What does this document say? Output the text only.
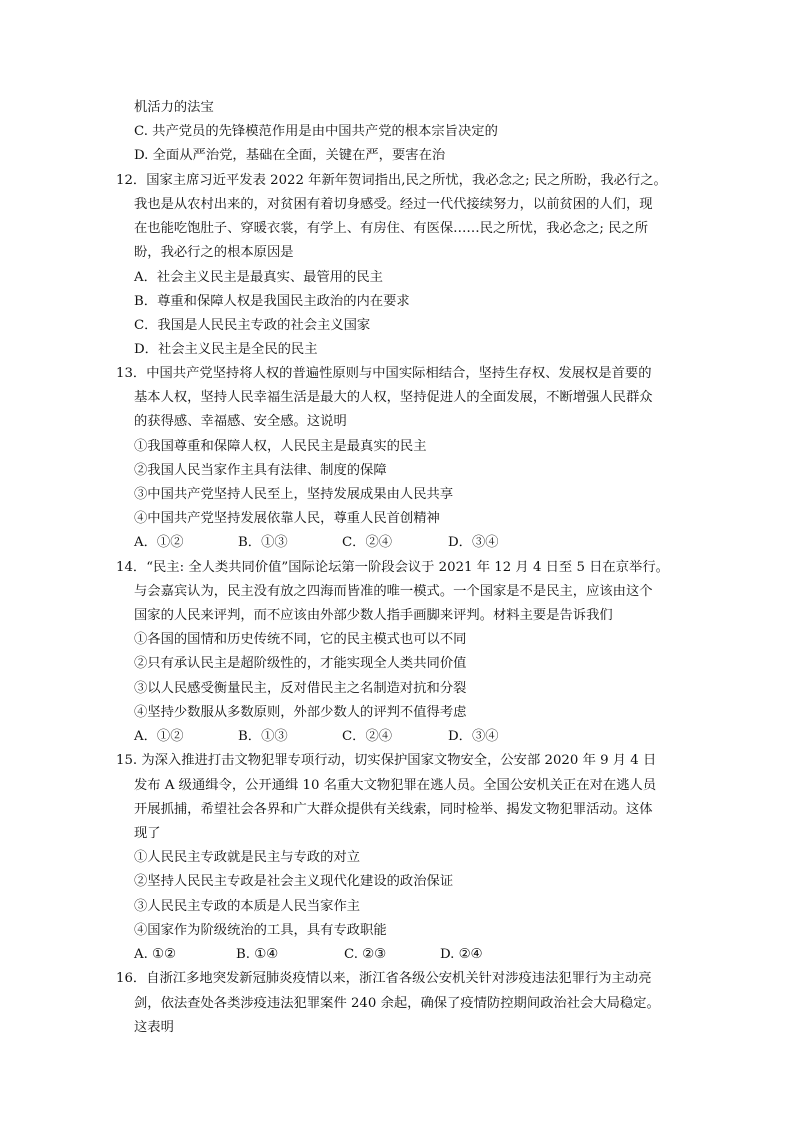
机活力的法宝
C. 共产党员的先锋模范作用是由中国共产党的根本宗旨决定的
D. 全面从严治党，基础在全面，关键在严，要害在治
12．国家主席习近平发表 2022 年新年贺词指出,民之所忧，我必念之; 民之所盼，我必行之。
我也是从农村出来的，对贫困有着切身感受。经过一代代接续努力，以前贫困的人们，现
在也能吃饱肚子、穿暖衣裳，有学上、有房住、有医保……民之所忧，我必念之; 民之所
盼，我必行之的根本原因是
A．社会主义民主是最真实、最管用的民主
B．尊重和保障人权是我国民主政治的内在要求
C．我国是人民民主专政的社会主义国家
D．社会主义民主是全民的民主
13．中国共产党坚持将人权的普遍性原则与中国实际相结合，坚持生存权、发展权是首要的
基本人权，坚持人民幸福生活是最大的人权，坚持促进人的全面发展，不断增强人民群众
的获得感、幸福感、安全感。这说明
①我国尊重和保障人权，人民民主是最真实的民主
②我国人民当家作主具有法律、制度的保障
③中国共产党坚持人民至上，坚持发展成果由人民共享
④中国共产党坚持发展依靠人民，尊重人民首创精神
A．①②	B．①③	C．②④	D．③④
14．“民主: 全人类共同价值”国际论坛第一阶段会议于 2021 年 12 月 4 日至 5 日在京举行。
与会嘉宾认为，民主没有放之四海而皆准的唯一模式。一个国家是不是民主，应该由这个
国家的人民来评判，而不应该由外部少数人指手画脚来评判。材料主要是告诉我们
①各国的国情和历史传统不同，它的民主模式也可以不同
②只有承认民主是超阶级性的，才能实现全人类共同价值
③以人民感受衡量民主，反对借民主之名制造对抗和分裂
④坚持少数服从多数原则，外部少数人的评判不值得考虑
A．①②	B．①③	C．②④	D．③④
15. 为深入推进打击文物犯罪专项行动，切实保护国家文物安全，公安部 2020 年 9 月 4 日
发布 A 级通缉令，公开通缉 10 名重大文物犯罪在逃人员。全国公安机关正在对在逃人员
开展抓捕，希望社会各界和广大群众提供有关线索，同时检举、揭发文物犯罪活动。这体
现了
①人民民主专政就是民主与专政的对立
②坚持人民民主专政是社会主义现代化建设的政治保证
③人民民主专政的本质是人民当家作主
④国家作为阶级统治的工具，具有专政职能
A. ①②	B. ①④	C. ②③	D. ②④
16．自浙江多地突发新冠肺炎疫情以来，浙江省各级公安机关针对涉疫违法犯罪行为主动亮
剑，依法查处各类涉疫违法犯罪案件 240 余起，确保了疫情防控期间政治社会大局稳定。
这表明
